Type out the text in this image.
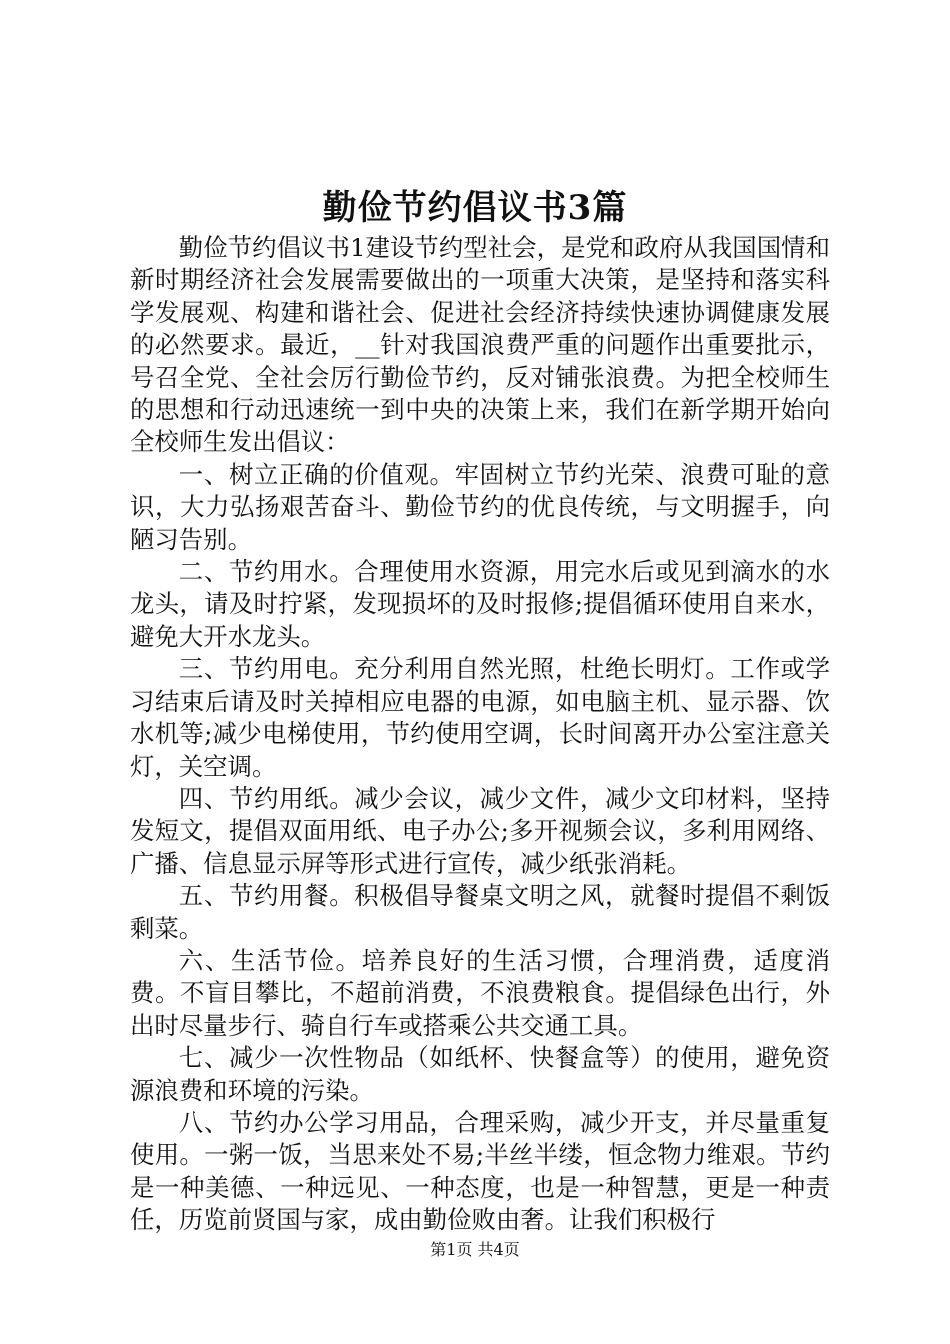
勤俭节约倡议书3篇

勤俭节约倡议书1建设节约型社会，是党和政府从我国国情和新时期经济社会发展需要做出的一项重大决策，是坚持和落实科学发展观、构建和谐社会、促进社会经济持续快速协调健康发展的必然要求。最近，__针对我国浪费严重的问题作出重要批示，号召全党、全社会厉行勤俭节约，反对铺张浪费。为把全校师生的思想和行动迅速统一到中央的决策上来，我们在新学期开始向全校师生发出倡议：

一、树立正确的价值观。牢固树立节约光荣、浪费可耻的意识，大力弘扬艰苦奋斗、勤俭节约的优良传统，与文明握手，向陋习告别。

二、节约用水。合理使用水资源，用完水后或见到滴水的水龙头，请及时拧紧，发现损坏的及时报修;提倡循环使用自来水，避免大开水龙头。

三、节约用电。充分利用自然光照，杜绝长明灯。工作或学习结束后请及时关掉相应电器的电源，如电脑主机、显示器、饮水机等;减少电梯使用，节约使用空调，长时间离开办公室注意关灯，关空调。

四、节约用纸。减少会议，减少文件，减少文印材料，坚持发短文，提倡双面用纸、电子办公;多开视频会议，多利用网络、广播、信息显示屏等形式进行宣传，减少纸张消耗。

五、节约用餐。积极倡导餐桌文明之风，就餐时提倡不剩饭剩菜。

六、生活节俭。培养良好的生活习惯，合理消费，适度消费。不盲目攀比，不超前消费，不浪费粮食。提倡绿色出行，外出时尽量步行、骑自行车或搭乘公共交通工具。

七、减少一次性物品（如纸杯、快餐盒等）的使用，避免资源浪费和环境的污染。

八、节约办公学习用品，合理采购，减少开支，并尽量重复使用。一粥一饭，当思来处不易;半丝半缕，恒念物力维艰。节约是一种美德、一种远见、一种态度，也是一种智慧，更是一种责任，历览前贤国与家，成由勤俭败由奢。让我们积极行

第1页 共4页
